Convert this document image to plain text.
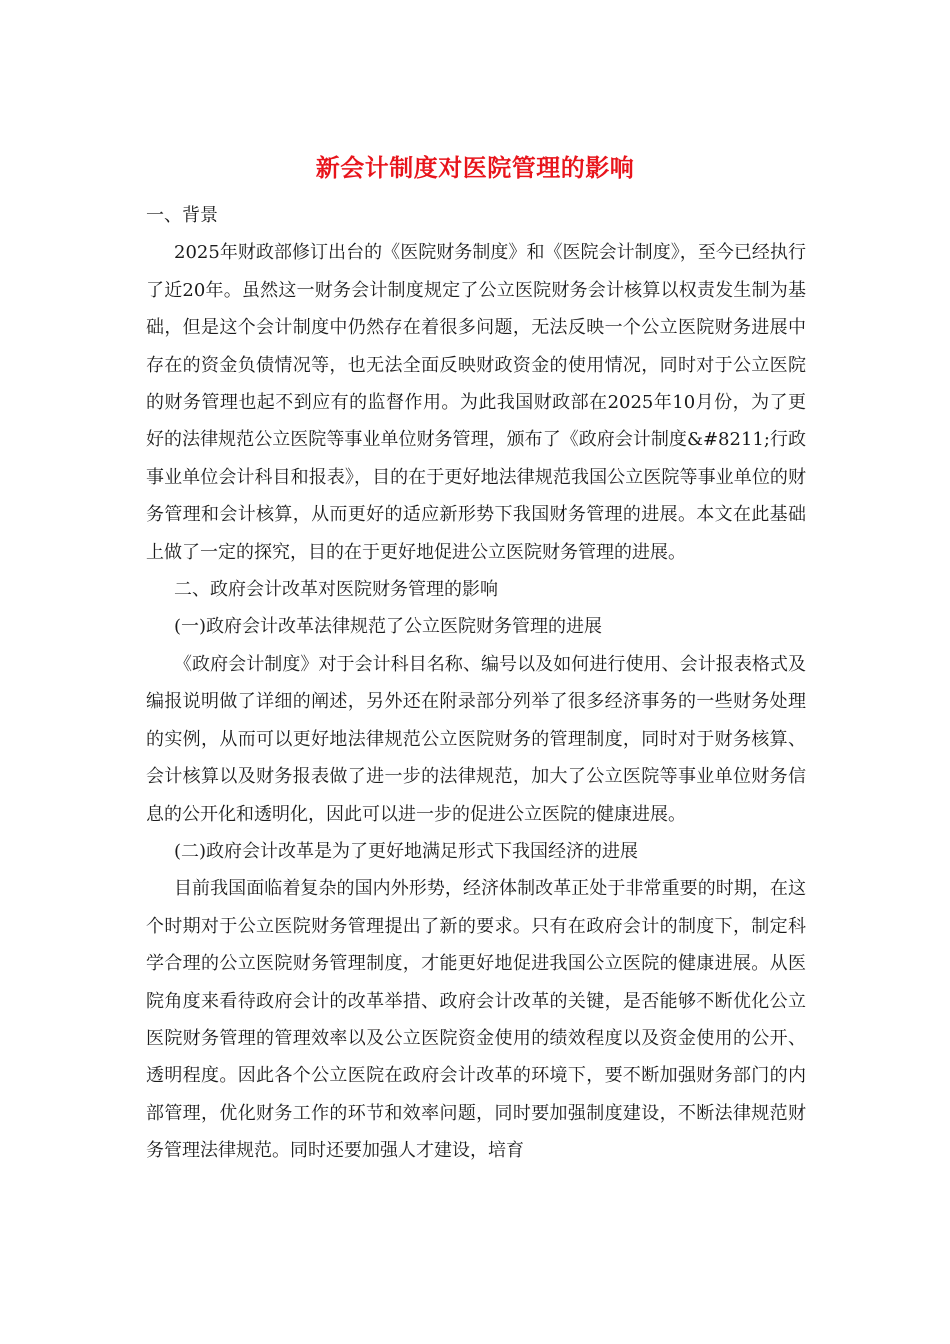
新会计制度对医院管理的影响

一、背景

2025年财政部修订出台的《医院财务制度》和《医院会计制度》，至今已经执行了近20年。虽然这一财务会计制度规定了公立医院财务会计核算以权责发生制为基础，但是这个会计制度中仍然存在着很多问题，无法反映一个公立医院财务进展中存在的资金负债情况等，也无法全面反映财政资金的使用情况，同时对于公立医院的财务管理也起不到应有的监督作用。为此我国财政部在2025年10月份，为了更好的法律规范公立医院等事业单位财务管理，颁布了《政府会计制度&#8211;行政事业单位会计科目和报表》，目的在于更好地法律规范我国公立医院等事业单位的财务管理和会计核算，从而更好的适应新形势下我国财务管理的进展。本文在此基础上做了一定的探究，目的在于更好地促进公立医院财务管理的进展。

二、政府会计改革对医院财务管理的影响

(一)政府会计改革法律规范了公立医院财务管理的进展

《政府会计制度》对于会计科目名称、编号以及如何进行使用、会计报表格式及编报说明做了详细的阐述，另外还在附录部分列举了很多经济事务的一些财务处理的实例，从而可以更好地法律规范公立医院财务的管理制度，同时对于财务核算、会计核算以及财务报表做了进一步的法律规范，加大了公立医院等事业单位财务信息的公开化和透明化，因此可以进一步的促进公立医院的健康进展。

(二)政府会计改革是为了更好地满足形式下我国经济的进展

目前我国面临着复杂的国内外形势，经济体制改革正处于非常重要的时期，在这个时期对于公立医院财务管理提出了新的要求。只有在政府会计的制度下，制定科学合理的公立医院财务管理制度，才能更好地促进我国公立医院的健康进展。从医院角度来看待政府会计的改革举措、政府会计改革的关键，是否能够不断优化公立医院财务管理的管理效率以及公立医院资金使用的绩效程度以及资金使用的公开、透明程度。因此各个公立医院在政府会计改革的环境下，要不断加强财务部门的内部管理，优化财务工作的环节和效率问题，同时要加强制度建设，不断法律规范财务管理法律规范。同时还要加强人才建设，培育
